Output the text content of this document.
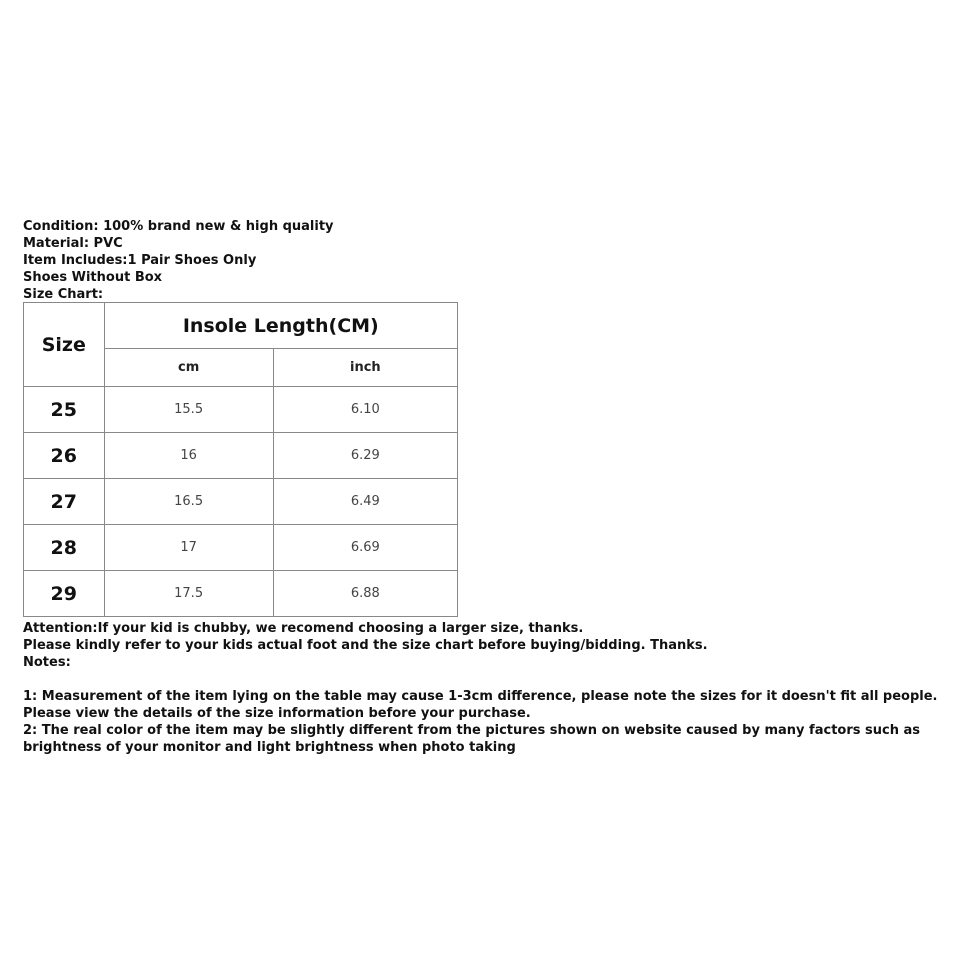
Condition: 100% brand new & high quality
Material: PVC
Item Includes:1 Pair Shoes Only
Shoes Without Box
Size Chart:
Size	Insole Length(CM)	
	cm	inch
25	15.5	6.10
26	16	6.29
27	16.5	6.49
28	17	6.69
29	17.5	6.88
Attention:If your kid is chubby, we recomend choosing a larger size, thanks.
Please kindly refer to your kids actual foot and the size chart before buying/bidding. Thanks.
Notes:
1: Measurement of the item lying on the table may cause 1-3cm difference, please note the sizes for it doesn't fit all people. Please view the details of the size information before your purchase.
2: The real color of the item may be slightly different from the pictures shown on website caused by many factors such as brightness of your monitor and light brightness when photo taking
